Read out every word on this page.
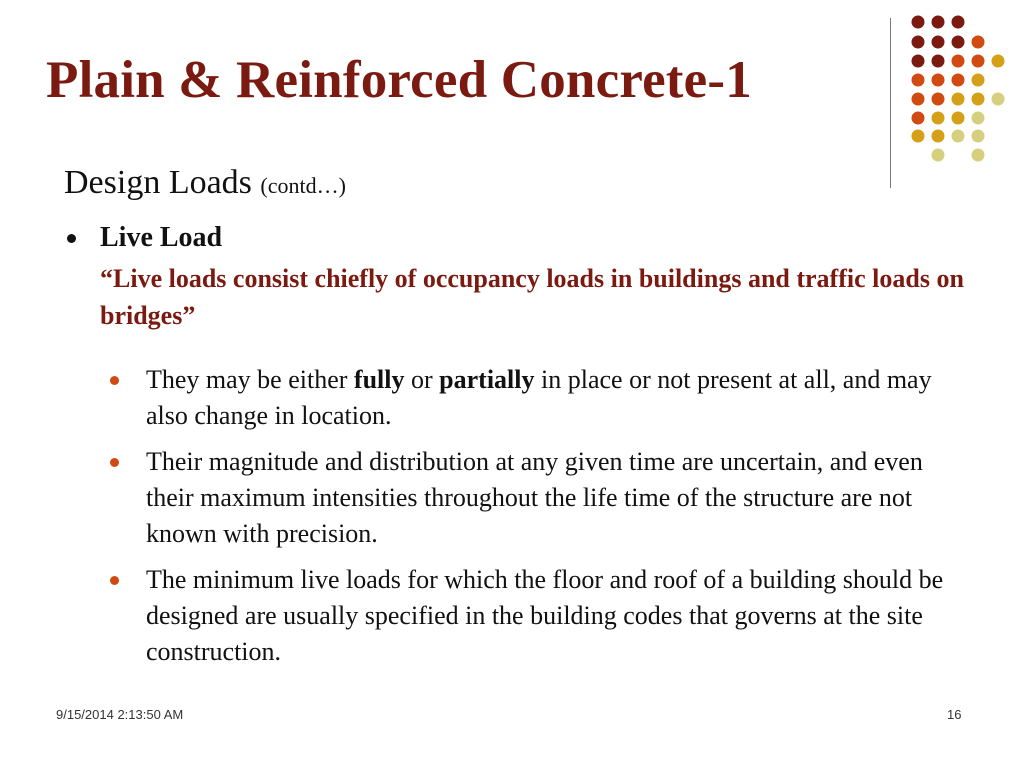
Plain & Reinforced Concrete-1
Design Loads (contd…)
Live Load
“Live loads consist chiefly of occupancy loads in buildings and traffic loads on bridges”
They may be either fully or partially in place or not present at all, and may also change in location.
Their magnitude and distribution at any given time are uncertain, and even their maximum intensities throughout the life time of the structure are not known with precision.
The minimum live loads for which the floor and roof of a building should be designed are usually specified in the building codes that governs at the site construction.
9/15/2014 2:13:50 AM	16
